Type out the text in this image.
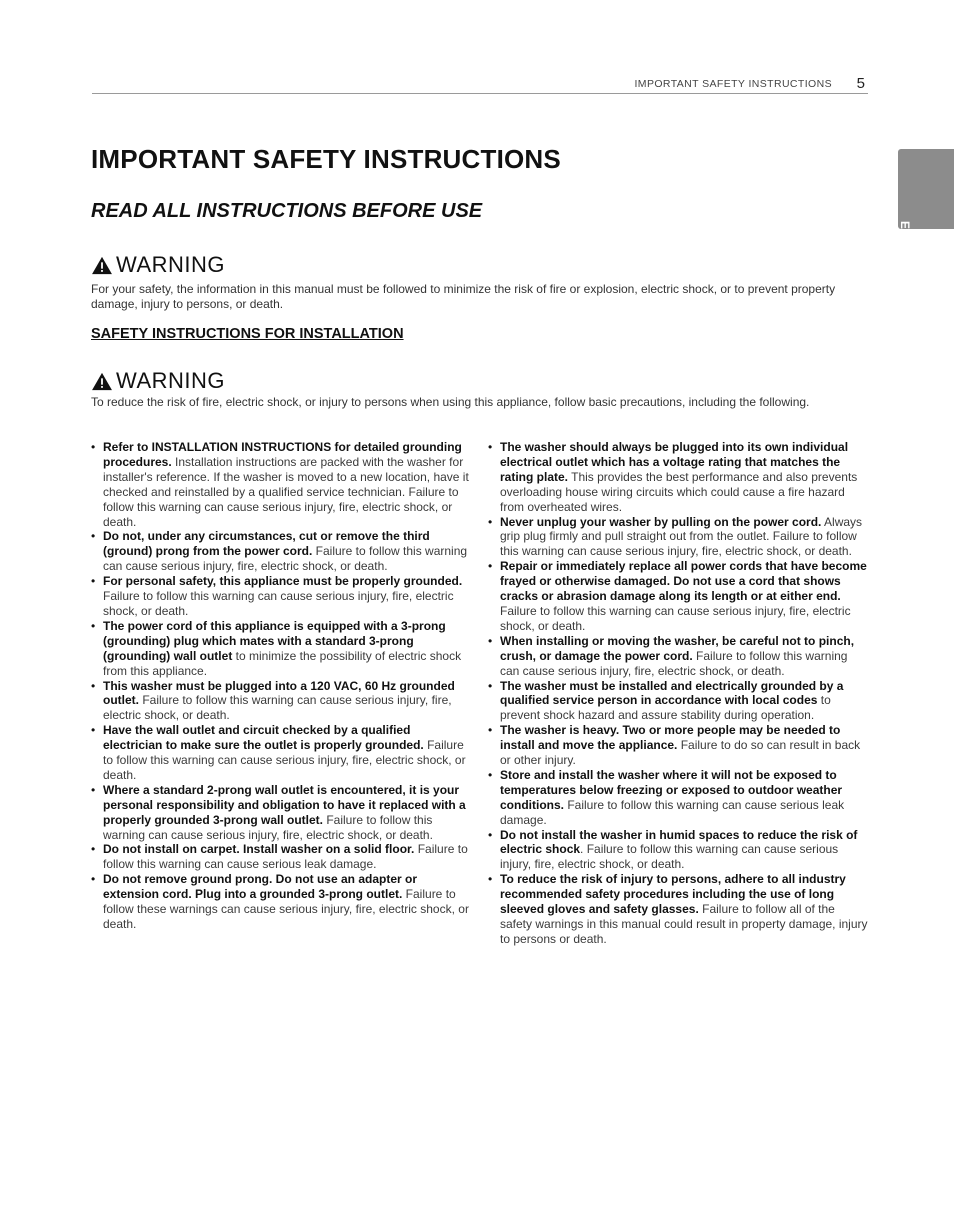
IMPORTANT SAFETY INSTRUCTIONS 5
ENGLISH
IMPORTANT SAFETY INSTRUCTIONS
READ ALL INSTRUCTIONS BEFORE USE
WARNING

For your safety, the information in this manual must be followed to minimize the risk of fire or explosion, electric shock, or to prevent property damage, injury to persons, or death.

SAFETY INSTRUCTIONS FOR INSTALLATION
WARNING

To reduce the risk of fire, electric shock, or injury to persons when using this appliance, follow basic precautions, including the following.

• Refer to INSTALLATION INSTRUCTIONS for detailed grounding procedures. Installation instructions are packed with the washer for installer's reference. If the washer is moved to a new location, have it checked and reinstalled by a qualified service technician. Failure to follow this warning can cause serious injury, fire, electric shock, or death.
• Do not, under any circumstances, cut or remove the third (ground) prong from the power cord. Failure to follow this warning can cause serious injury, fire, electric shock, or death.
• For personal safety, this appliance must be properly grounded. Failure to follow this warning can cause serious injury, fire, electric shock, or death.
• The power cord of this appliance is equipped with a 3-prong (grounding) plug which mates with a standard 3-prong (grounding) wall outlet to minimize the possibility of electric shock from this appliance.
• This washer must be plugged into a 120 VAC, 60 Hz grounded outlet. Failure to follow this warning can cause serious injury, fire, electric shock, or death.
• Have the wall outlet and circuit checked by a qualified electrician to make sure the outlet is properly grounded. Failure to follow this warning can cause serious injury, fire, electric shock, or death.
• Where a standard 2-prong wall outlet is encountered, it is your personal responsibility and obligation to have it replaced with a properly grounded 3-prong wall outlet. Failure to follow this warning can cause serious injury, fire, electric shock, or death.
• Do not install on carpet. Install washer on a solid floor. Failure to follow this warning can cause serious leak damage.
• Do not remove ground prong. Do not use an adapter or extension cord. Plug into a grounded 3-prong outlet. Failure to follow these warnings can cause serious injury, fire, electric shock, or death.
• The washer should always be plugged into its own individual electrical outlet which has a voltage rating that matches the rating plate. This provides the best performance and also prevents overloading house wiring circuits which could cause a fire hazard from overheated wires.
• Never unplug your washer by pulling on the power cord. Always grip plug firmly and pull straight out from the outlet. Failure to follow this warning can cause serious injury, fire, electric shock, or death.
• Repair or immediately replace all power cords that have become frayed or otherwise damaged. Do not use a cord that shows cracks or abrasion damage along its length or at either end. Failure to follow this warning can cause serious injury, fire, electric shock, or death.
• When installing or moving the washer, be careful not to pinch, crush, or damage the power cord. Failure to follow this warning can cause serious injury, fire, electric shock, or death.
• The washer must be installed and electrically grounded by a qualified service person in accordance with local codes to prevent shock hazard and assure stability during operation.
• The washer is heavy. Two or more people may be needed to install and move the appliance. Failure to do so can result in back or other injury.
• Store and install the washer where it will not be exposed to temperatures below freezing or exposed to outdoor weather conditions. Failure to follow this warning can cause serious leak damage.
• Do not install the washer in humid spaces to reduce the risk of electric shock. Failure to follow this warning can cause serious injury, fire, electric shock, or death.
• To reduce the risk of injury to persons, adhere to all industry recommended safety procedures including the use of long sleeved gloves and safety glasses. Failure to follow all of the safety warnings in this manual could result in property damage, injury to persons or death.
